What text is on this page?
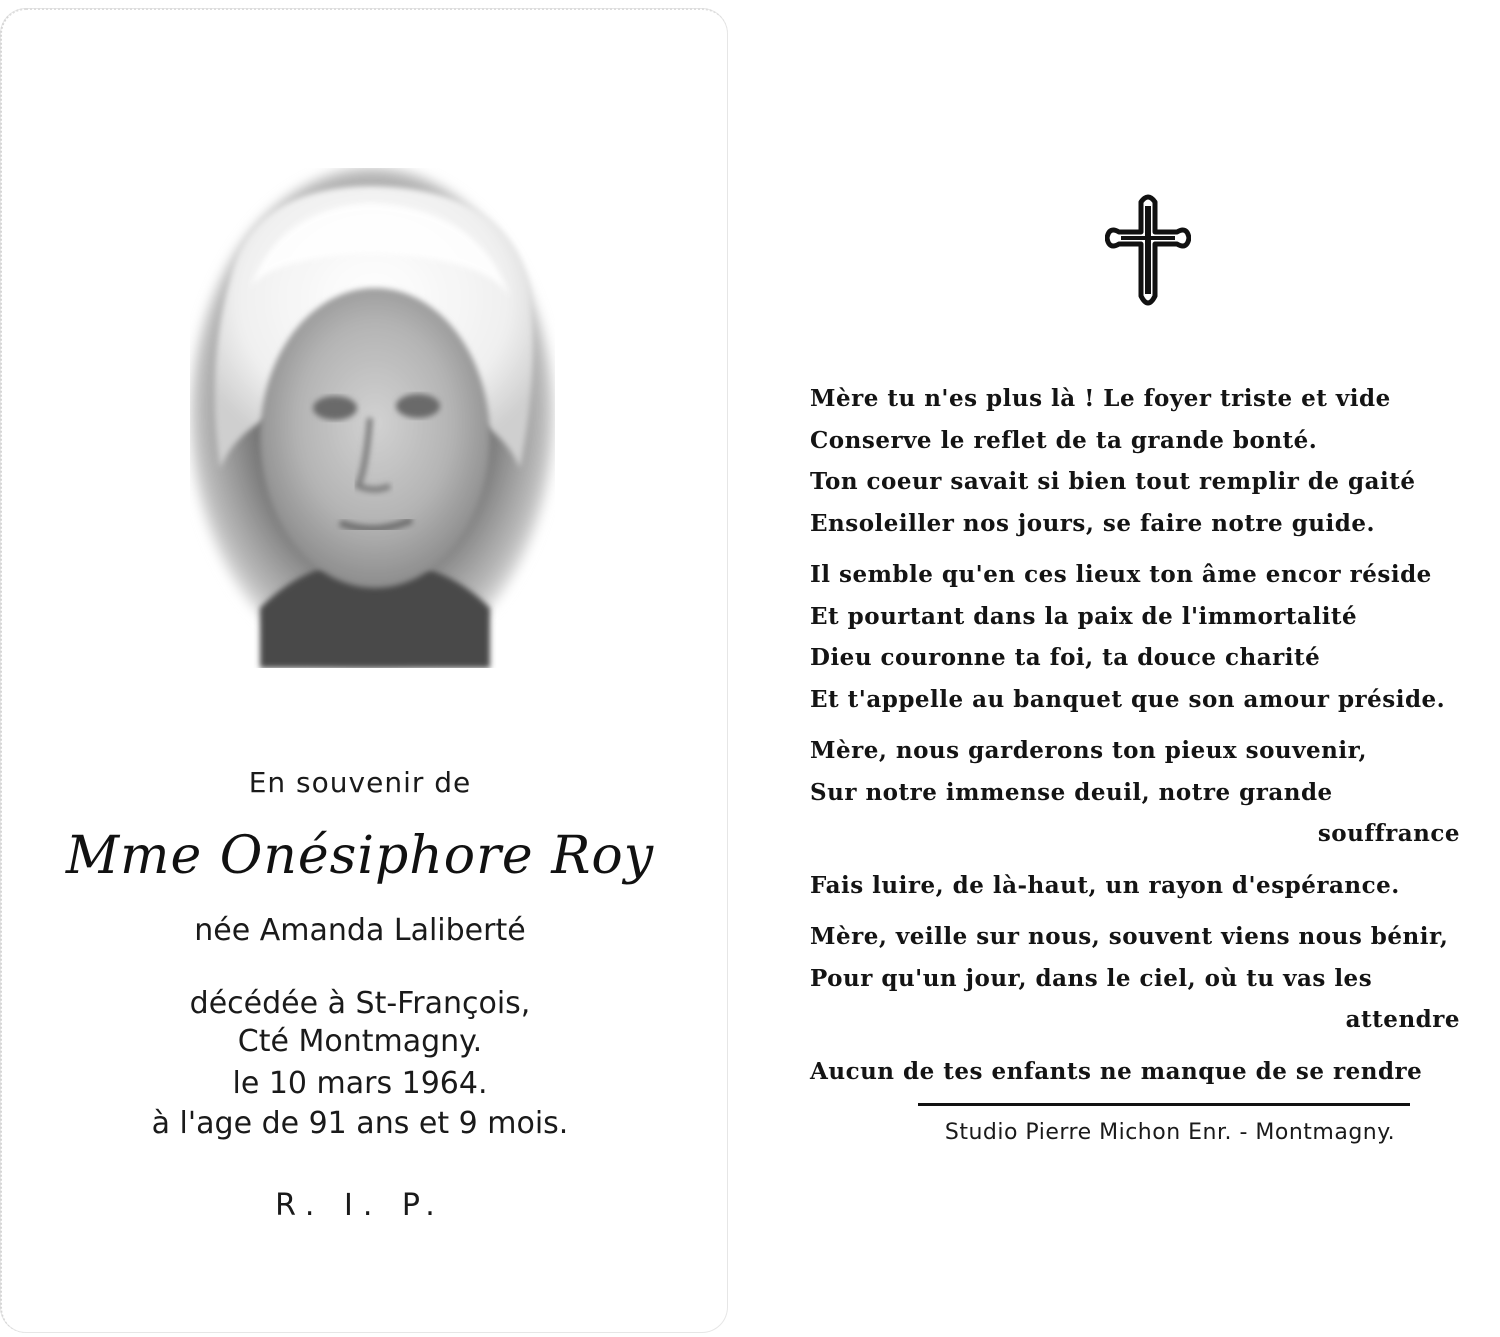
En souvenir de
Mme Onésiphore Roy
née Amanda Laliberté
décédée à St-François,
Cté Montmagny.
le 10 mars 1964.
à l'age de 91 ans et 9 mois.
R. I. P.
Mère tu n'es plus là ! Le foyer triste et vide
Conserve le reflet de ta grande bonté.
Ton coeur savait si bien tout remplir de gaité
Ensoleiller nos jours, se faire notre guide.
Il semble qu'en ces lieux ton âme encor réside
Et pourtant dans la paix de l'immortalité
Dieu couronne ta foi, ta douce charité
Et t'appelle au banquet que son amour préside.
Mère, nous garderons ton pieux souvenir,
Sur notre immense deuil, notre grande
souffrance
Fais luire, de là-haut, un rayon d'espérance.
Mère, veille sur nous, souvent viens nous bénir,
Pour qu'un jour, dans le ciel, où tu vas les
attendre
Aucun de tes enfants ne manque de se rendre
Studio Pierre Michon Enr. - Montmagny.
